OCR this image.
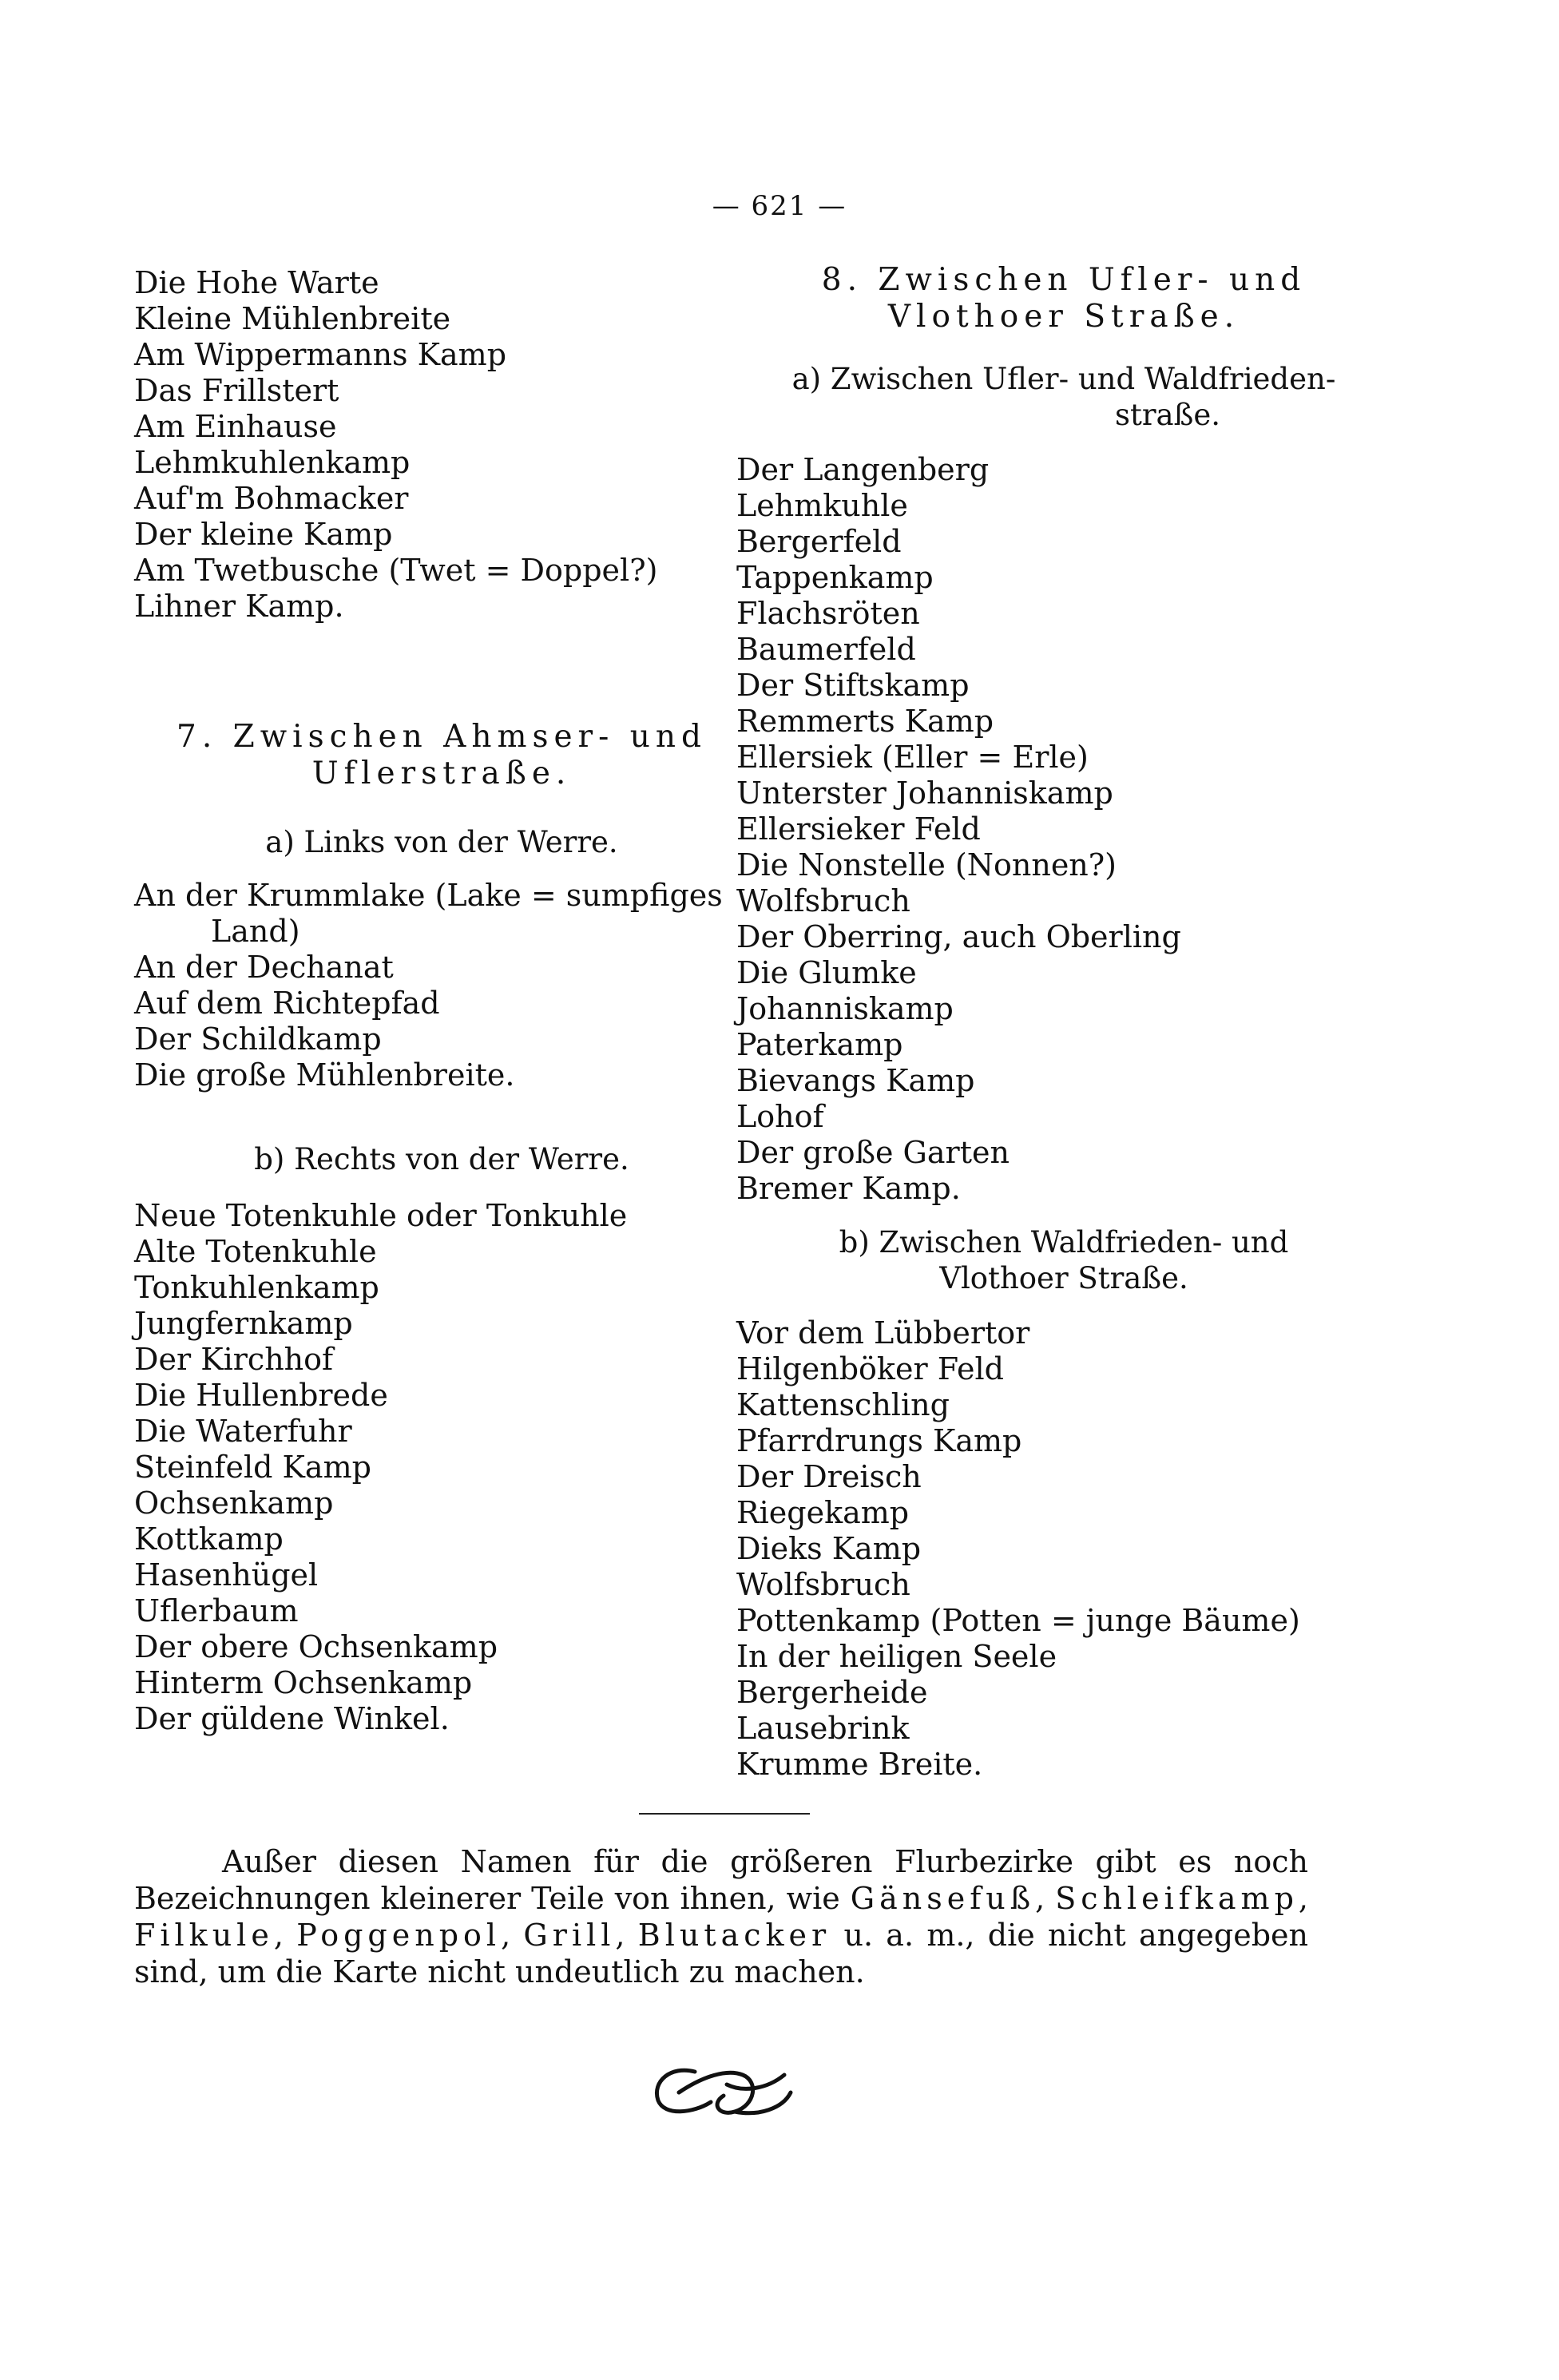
— 621 —
Die Hohe Warte
Kleine Mühlenbreite
Am Wippermanns Kamp
Das Frillstert
Am Einhause
Lehmkuhlenkamp
Auf'm Bohmacker
Der kleine Kamp
Am Twetbusche (Twet = Doppel?)
Lihner Kamp.
7. Zwischen Ahmser- und
Uflerstraße.
a) Links von der Werre.
An der Krummlake (Lake = sumpfiges Land)
An der Dechanat
Auf dem Richtepfad
Der Schildkamp
Die große Mühlenbreite.
b) Rechts von der Werre.
Neue Totenkuhle oder Tonkuhle
Alte Totenkuhle
Tonkuhlenkamp
Jungfernkamp
Der Kirchhof
Die Hullenbrede
Die Waterfuhr
Steinfeld Kamp
Ochsenkamp
Kottkamp
Hasenhügel
Uflerbaum
Der obere Ochsenkamp
Hinterm Ochsenkamp
Der güldene Winkel.
8. Zwischen Ufler- und
Vlothoer Straße.
a) Zwischen Ufler- und Waldfrieden-
straße.
Der Langenberg
Lehmkuhle
Bergerfeld
Tappenkamp
Flachsröten
Baumerfeld
Der Stiftskamp
Remmerts Kamp
Ellersiek (Eller = Erle)
Unterster Johanniskamp
Ellersieker Feld
Die Nonstelle (Nonnen?)
Wolfsbruch
Der Oberring, auch Oberling
Die Glumke
Johanniskamp
Paterkamp
Bievangs Kamp
Lohof
Der große Garten
Bremer Kamp.
b) Zwischen Waldfrieden- und
Vlothoer Straße.
Vor dem Lübbertor
Hilgenböker Feld
Kattenschling
Pfarrdrungs Kamp
Der Dreisch
Riegekamp
Dieks Kamp
Wolfsbruch
Pottenkamp (Potten = junge Bäume)
In der heiligen Seele
Bergerheide
Lausebrink
Krumme Breite.

Außer diesen Namen für die größeren Flurbezirke gibt es noch Bezeichnungen kleinerer Teile von ihnen, wie Gänsefuß, Schleifkamp, Filkule, Poggenpol, Grill, Blutacker u. a. m., die nicht angegeben sind, um die Karte nicht undeutlich zu machen.
